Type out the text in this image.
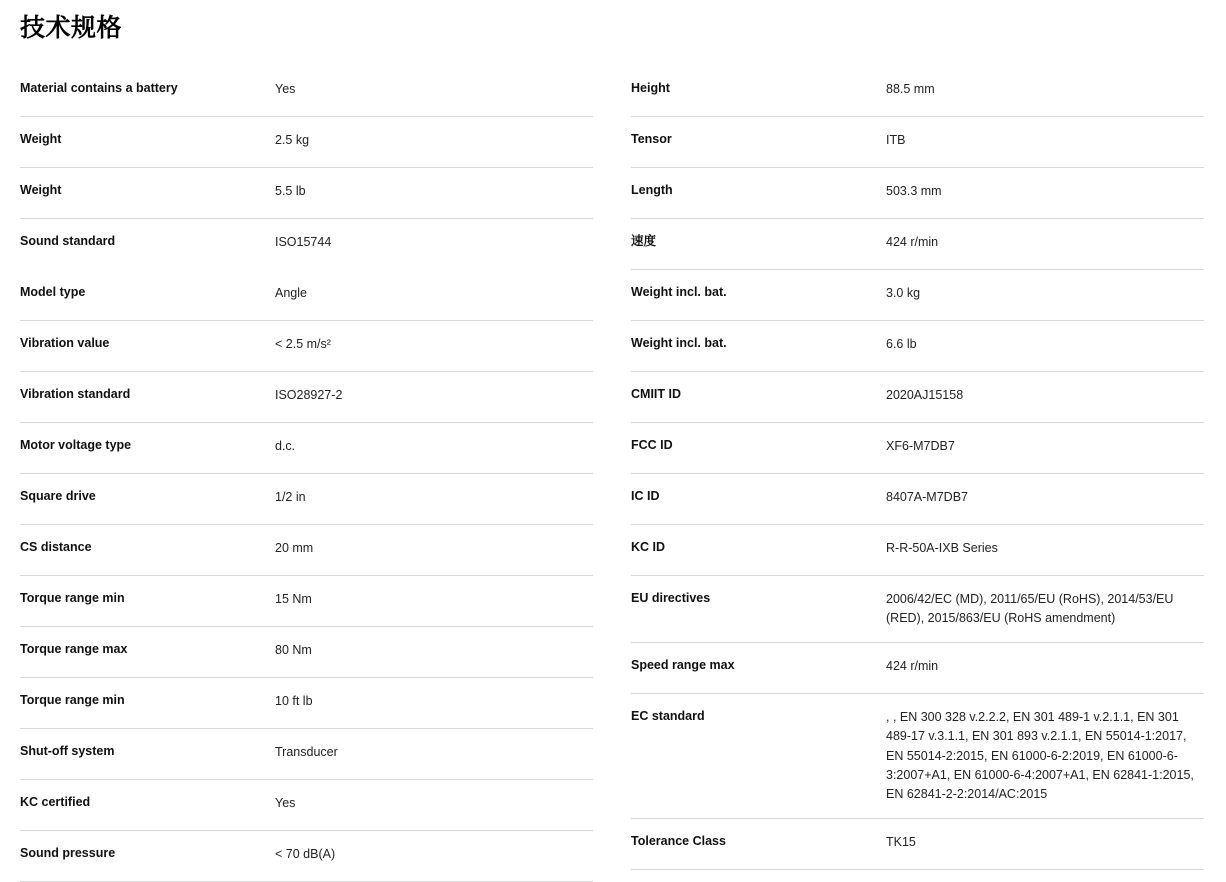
技术规格
Material contains a battery	Yes
Weight	2.5 kg
Weight	5.5 lb
Sound standard	ISO15744
Model type	Angle
Vibration value	< 2.5 m/s²
Vibration standard	ISO28927-2
Motor voltage type	d.c.
Square drive	1/2 in
CS distance	20 mm
Torque range min	15 Nm
Torque range max	80 Nm
Torque range min	10 ft lb
Shut-off system	Transducer
KC certified	Yes
Sound pressure	< 70 dB(A)
Height	88.5 mm
Tensor	ITB
Length	503.3 mm
速度	424 r/min
Weight incl. bat.	3.0 kg
Weight incl. bat.	6.6 lb
CMIIT ID	2020AJ15158
FCC ID	XF6-M7DB7
IC ID	8407A-M7DB7
KC ID	R-R-50A-IXB Series
EU directives	2006/42/EC (MD), 2011/65/EU (RoHS), 2014/53/EU (RED), 2015/863/EU (RoHS amendment)
Speed range max	424 r/min
EC standard	, , EN 300 328 v.2.2.2, EN 301 489-1 v.2.1.1, EN 301 489-17 v.3.1.1, EN 301 893 v.2.1.1, EN 55014-1:2017, EN 55014-2:2015, EN 61000-6-2:2019, EN 61000-6-3:2007+A1, EN 61000-6-4:2007+A1, EN 62841-1:2015, EN 62841-2-2:2014/AC:2015
Tolerance Class	TK15
